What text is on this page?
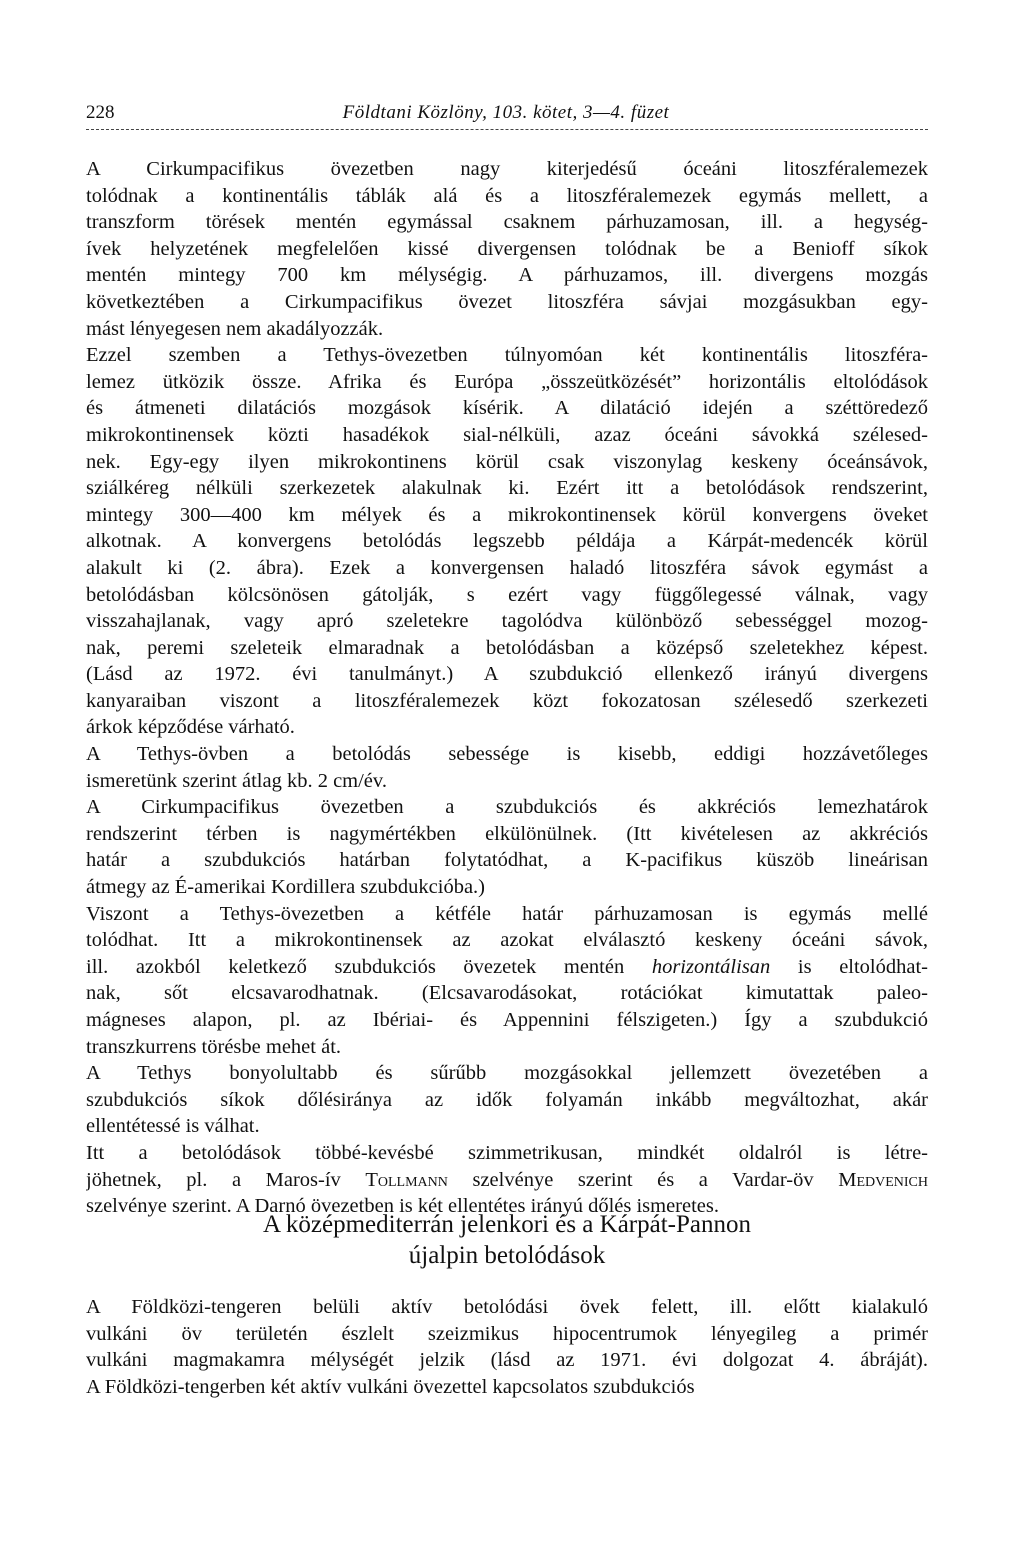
228	Földtani Közlöny, 103. kötet, 3—4. füzet
A Cirkumpacifikus övezetben nagy kiterjedésű óceáni litoszféralemezek
tolódnak a kontinentális táblák alá és a litoszféralemezek egymás mellett, a
transzform törések mentén egymással csaknem párhuzamosan, ill. a hegység-
ívek helyzetének megfelelően kissé divergensen tolódnak be a Benioff síkok
mentén mintegy 700 km mélységig. A párhuzamos, ill. divergens mozgás
következtében a Cirkumpacifikus övezet litoszféra sávjai mozgásukban egy-
mást lényegesen nem akadályozzák.
Ezzel szemben a Tethys-övezetben túlnyomóan két kontinentális litoszféra-
lemez ütközik össze. Afrika és Európa „összeütközését” horizontális eltolódások
és átmeneti dilatációs mozgások kísérik. A dilatáció idején a széttöredező
mikrokontinensek közti hasadékok sial-nélküli, azaz óceáni sávokká szélesed-
nek. Egy-egy ilyen mikrokontinens körül csak viszonylag keskeny óceánsávok,
sziálkéreg nélküli szerkezetek alakulnak ki. Ezért itt a betolódások rendszerint,
mintegy 300—400 km mélyek és a mikrokontinensek körül konvergens öveket
alkotnak. A konvergens betolódás legszebb példája a Kárpát-medencék körül
alakult ki (2. ábra). Ezek a konvergensen haladó litoszféra sávok egymást a
betolódásban kölcsönösen gátolják, s ezért vagy függőlegessé válnak, vagy
visszahajlanak, vagy apró szeletekre tagolódva különböző sebességgel mozog-
nak, peremi szeleteik elmaradnak a betolódásban a középső szeletekhez képest.
(Lásd az 1972. évi tanulmányt.) A szubdukció ellenkező irányú divergens
kanyaraiban viszont a litoszféralemezek közt fokozatosan szélesedő szerkezeti
árkok képződése várható.
A Tethys-övben a betolódás sebessége is kisebb, eddigi hozzávetőleges
ismeretünk szerint átlag kb. 2 cm/év.
A Cirkumpacifikus övezetben a szubdukciós és akkréciós lemezhatárok
rendszerint térben is nagymértékben elkülönülnek. (Itt kivételesen az akkréciós
határ a szubdukciós határban folytatódhat, a K-pacifikus küszöb lineárisan
átmegy az É-amerikai Kordillera szubdukcióba.)
Viszont a Tethys-övezetben a kétféle határ párhuzamosan is egymás mellé
tolódhat. Itt a mikrokontinensek az azokat elválasztó keskeny óceáni sávok,
ill. azokból keletkező szubdukciós övezetek mentén horizontálisan is eltolódhat-
nak, sőt elcsavarodhatnak. (Elcsavarodásokat, rotációkat kimutattak paleo-
mágneses alapon, pl. az Ibériai- és Appennini félszigeten.) Így a szubdukció
transzkurrens törésbe mehet át.
A Tethys bonyolultabb és sűrűbb mozgásokkal jellemzett övezetében a
szubdukciós síkok dőlésiránya az idők folyamán inkább megváltozhat, akár
ellentétessé is válhat.
Itt a betolódások többé-kevésbé szimmetrikusan, mindkét oldalról is létre-
jöhetnek, pl. a Maros-ív Tollmann szelvénye szerint és a Vardar-öv Medvenich
szelvénye szerint. A Darnó övezetben is két ellentétes irányú dőlés ismeretes.
A középmediterrán jelenkori és a Kárpát-Pannon
újalpin betolódások
A Földközi-tengeren belüli aktív betolódási övek felett, ill. előtt kialakuló
vulkáni öv területén észlelt szeizmikus hipocentrumok lényegileg a primér
vulkáni magmakamra mélységét jelzik (lásd az 1971. évi dolgozat 4. ábráját).
A Földközi-tengerben két aktív vulkáni övezettel kapcsolatos szubdukciós
